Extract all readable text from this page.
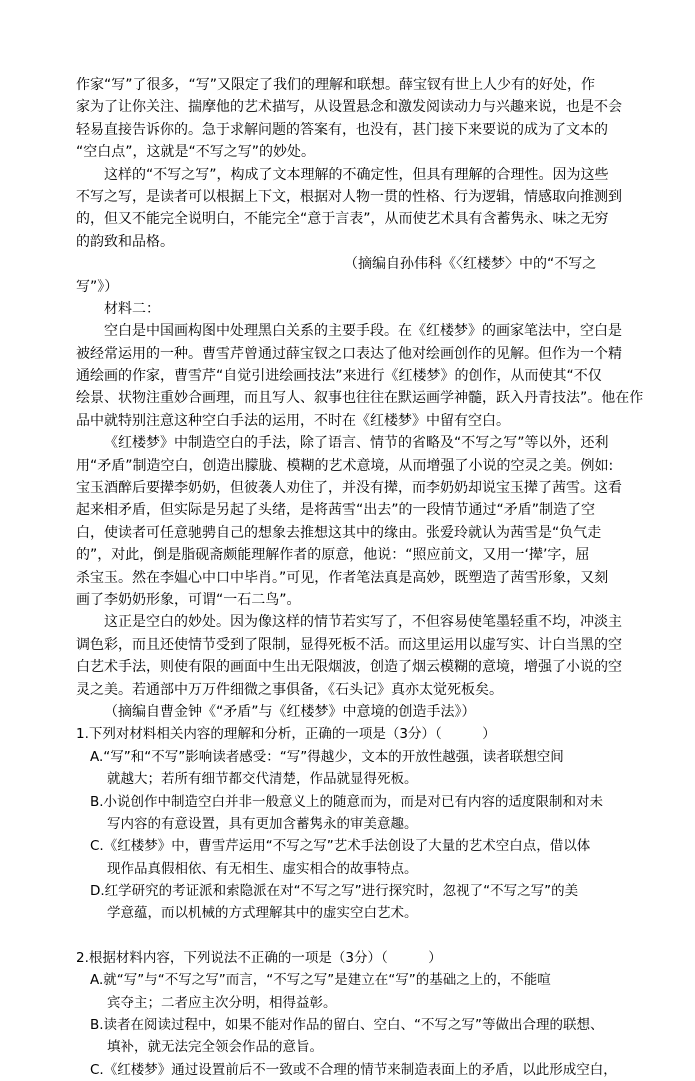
作家“写”了很多，“写”又限定了我们的理解和联想。薛宝钗有世上人少有的好处，作
家为了让你关注、揣摩他的艺术描写，从设置悬念和激发阅读动力与兴趣来说，也是不会
轻易直接告诉你的。急于求解问题的答案有，也没有，甚门接下来要说的成为了文本的
“空白点”，这就是“不写之写”的妙处。
这样的“不写之写”，构成了文本理解的不确定性，但具有理解的合理性。因为这些
不写之写，是读者可以根据上下文，根据对人物一贯的性格、行为逻辑，情感取向推测到
的，但又不能完全说明白，不能完全“意于言表”，从而使艺术具有含蓄隽永、味之无穷
的韵致和品格。
（摘编自孙伟科《〈红楼梦〉中的“不写之
写”》）
材料二：
空白是中国画构图中处理黑白关系的主要手段。在《红楼梦》的画家笔法中，空白是
被经常运用的一种。曹雪芹曾通过薛宝钗之口表达了他对绘画创作的见解。但作为一个精
通绘画的作家，曹雪芹“自觉引进绘画技法”来进行《红楼梦》的创作，从而使其“不仅
绘景、状物注重妙合画理，而且写人、叙事也往往在默运画学神髓，跃入丹青技法”。他在作
品中就特别注意这种空白手法的运用，不时在《红楼梦》中留有空白。
《红楼梦》中制造空白的手法，除了语言、情节的省略及“不写之写”等以外，还利
用“矛盾”制造空白，创造出朦胧、模糊的艺术意境，从而增强了小说的空灵之美。例如:
宝玉酒醉后要撵李奶奶，但彼袭人劝住了，并没有撵，而李奶奶却说宝玉撵了茜雪。这看
起来相矛盾，但实际是另起了头绪，是将茜雪“出去”的一段情节通过“矛盾”制造了空
白，使读者可任意驰骋自己的想象去推想这其中的缘由。张爱玲就认为茜雪是“负气走
的”，对此，倒是脂砚斋颇能理解作者的原意，他说：“照应前文，又用一‘撵’字，屈
杀宝玉。然在李媪心中口中毕肖。”可见，作者笔法真是高妙，既塑造了茜雪形象，又刻
画了李奶奶形象，可谓“一石二鸟”。
这正是空白的妙处。因为像这样的情节若实写了，不但容易使笔墨轻重不均，冲淡主
调色彩，而且还使情节受到了限制，显得死板不活。而这里运用以虚写实、计白当黑的空
白艺术手法，则使有限的画面中生出无限烟波，创造了烟云模糊的意境，增强了小说的空
灵之美。若通部中万万件细微之事俱备，《石头记》真亦太觉死板矣。
（摘编自曹金钟《“矛盾”与《红楼梦》中意境的创造手法》）
1.下列对材料相关内容的理解和分析，正确的一项是（3分）（　　　）
A.“写”和“不写”影响读者感受：“写”得越少，文本的开放性越强，读者联想空间
就越大；若所有细节都交代清楚，作品就显得死板。
B.小说创作中制造空白并非一般意义上的随意而为，而是对已有内容的适度限制和对未
写内容的有意设置，具有更加含蓄隽永的审美意趣。
C.《红楼梦》中，曹雪芹运用“不写之写”艺术手法创设了大量的艺术空白点，借以体
现作品真假相依、有无相生、虚实相合的故事特点。
D.红学研究的考证派和索隐派在对“不写之写”进行探究时，忽视了“不写之写”的美
学意蕴，而以机械的方式理解其中的虚实空白艺术。
2.根据材料内容，下列说法不正确的一项是（3分）（　　　）
A.就“写”与“不写之写”而言，“不写之写”是建立在“写”的基础之上的，不能喧
宾夺主；二者应主次分明，相得益彰。
B.读者在阅读过程中，如果不能对作品的留白、空白、“不写之写”等做出合理的联想、
填补，就无法完全领会作品的意旨。
C.《红楼梦》通过设置前后不一致或不合理的情节来制造表面上的矛盾，以此形成空白，
